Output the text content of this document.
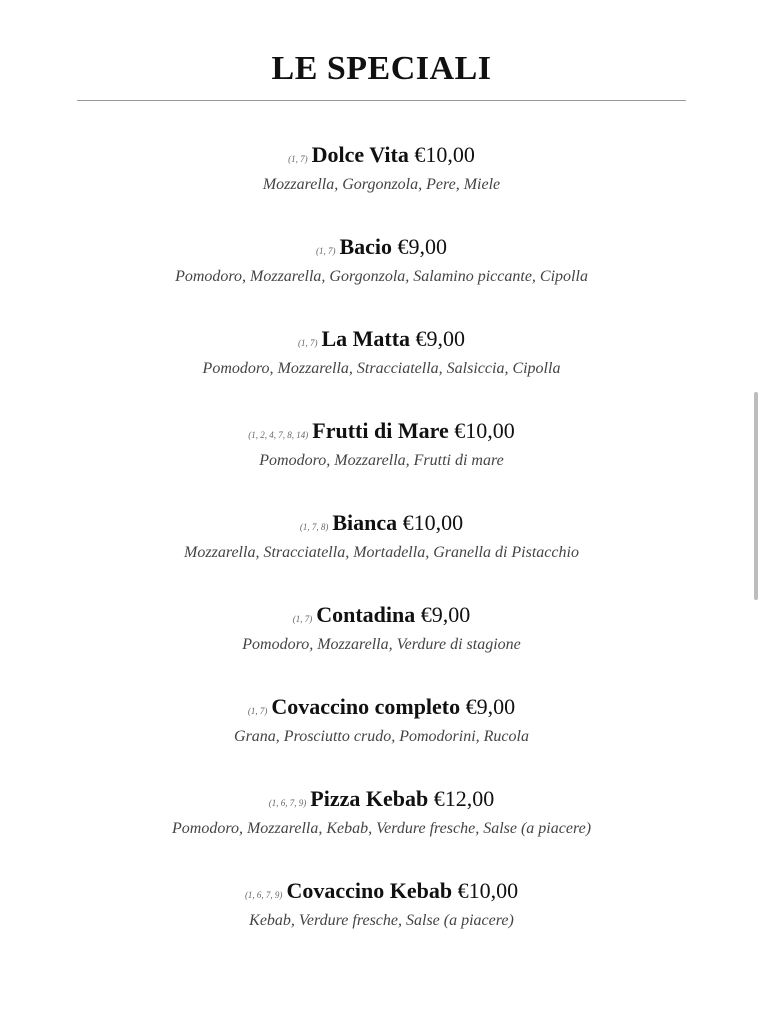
LE SPECIALI
(1, 7) Dolce Vita €10,00
Mozzarella, Gorgonzola, Pere, Miele
(1, 7) Bacio €9,00
Pomodoro, Mozzarella, Gorgonzola, Salamino piccante, Cipolla
(1, 7) La Matta €9,00
Pomodoro, Mozzarella, Stracciatella, Salsiccia, Cipolla
(1, 2, 4, 7, 8, 14) Frutti di Mare €10,00
Pomodoro, Mozzarella, Frutti di mare
(1, 7, 8) Bianca €10,00
Mozzarella, Stracciatella, Mortadella, Granella di Pistacchio
(1, 7) Contadina €9,00
Pomodoro, Mozzarella, Verdure di stagione
(1, 7) Covaccino completo €9,00
Grana, Prosciutto crudo, Pomodorini, Rucola
(1, 6, 7, 9) Pizza Kebab €12,00
Pomodoro, Mozzarella, Kebab, Verdure fresche, Salse (a piacere)
(1, 6, 7, 9) Covaccino Kebab €10,00
Kebab, Verdure fresche, Salse (a piacere)
